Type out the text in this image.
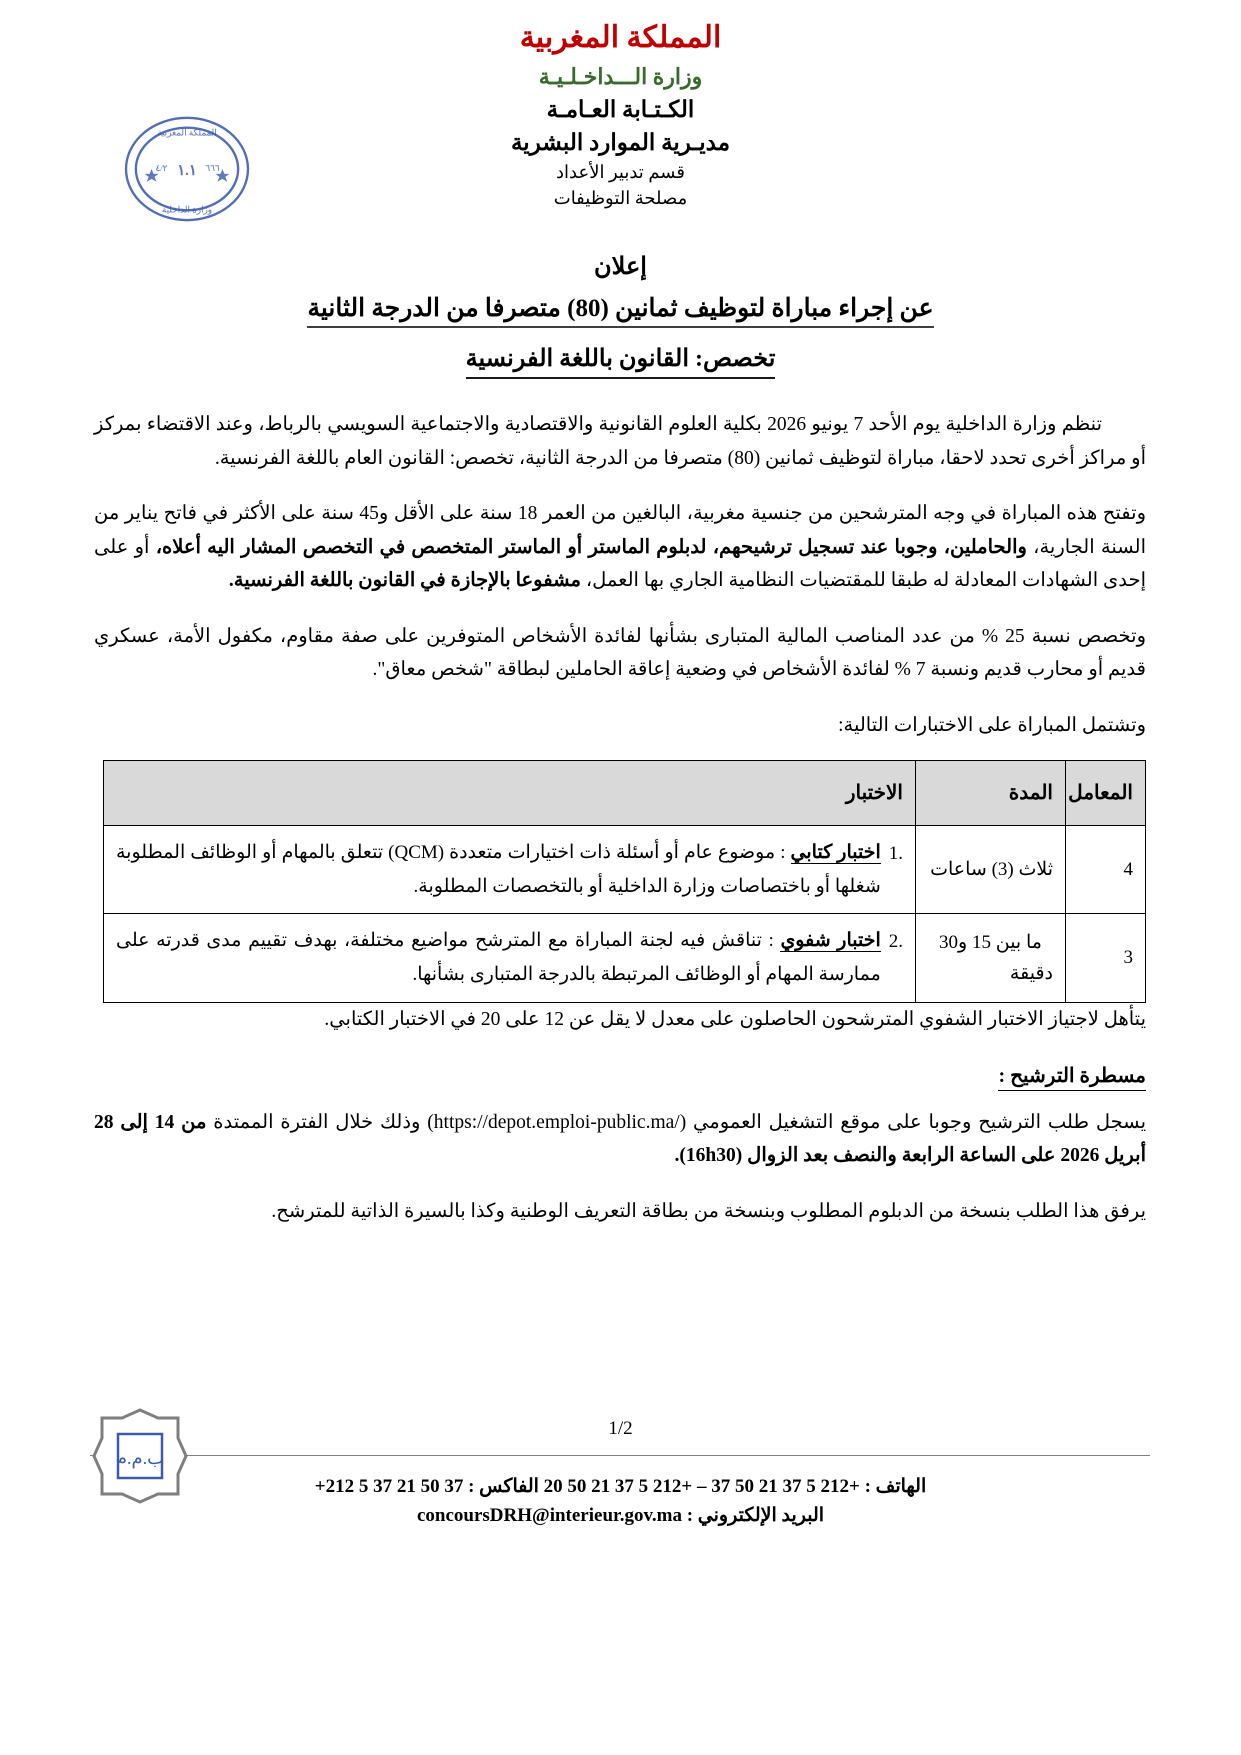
المملكة المغربية
وزارة الـــداخـلـيـة
الكـتـابة العـامـة
مديـرية الموارد البشرية
قسم تدبير الأعداد
مصلحة التوظيفات
المملكة المغربية
وزارة الداخلية
١.١
٤/٢	٦٦٦
إعلان
عن إجراء مباراة لتوظيف ثمانين (80) متصرفا من الدرجة الثانية
تخصص: القانون باللغة الفرنسية

تنظم وزارة الداخلية يوم الأحد 7 يونيو 2026 بكلية العلوم القانونية والاقتصادية والاجتماعية السويسي بالرباط، وعند الاقتضاء بمركز أو مراكز أخرى تحدد لاحقا، مباراة لتوظيف ثمانين (80) متصرفا من الدرجة الثانية، تخصص: القانون العام باللغة الفرنسية.

وتفتح هذه المباراة في وجه المترشحين من جنسية مغربية، البالغين من العمر 18 سنة على الأقل و45 سنة على الأكثر في فاتح يناير من السنة الجارية، والحاملين، وجوبا عند تسجيل ترشيحهم، لدبلوم الماستر أو الماستر المتخصص في التخصص المشار اليه أعلاه، أو على إحدى الشهادات المعادلة له طبقا للمقتضيات النظامية الجاري بها العمل، مشفوعا بالإجازة في القانون باللغة الفرنسية.

وتخصص نسبة 25 % من عدد المناصب المالية المتبارى بشأنها لفائدة الأشخاص المتوفرين على صفة مقاوم، مكفول الأمة، عسكري قديم أو محارب قديم ونسبة 7 % لفائدة الأشخاص في وضعية إعاقة الحاملين لبطاقة "شخص معاق".

وتشتمل المباراة على الاختبارات التالية:

المعامل	المدة	الاختبار
4	ثلاث (3) ساعات	.1
اختبار كتابي : موضوع عام أو أسئلة ذات اختيارات متعددة (QCM) تتعلق بالمهام أو الوظائف المطلوبة شغلها أو باختصاصات وزارة الداخلية أو بالتخصصات المطلوبة.

3	ما بين 15 و30 دقيقة	.2
اختبار شفوي : تناقش فيه لجنة المباراة مع المترشح مواضيع مختلفة، بهدف تقييم مدى قدرته على ممارسة المهام أو الوظائف المرتبطة بالدرجة المتبارى بشأنها.

يتأهل لاجتياز الاختبار الشفوي المترشحون الحاصلون على معدل لا يقل عن 12 على 20 في الاختبار الكتابي.

مسطرة الترشيح :

يسجل طلب الترشيح وجوبا على موقع التشغيل العمومي (https://depot.emploi-public.ma/) وذلك خلال الفترة الممتدة من 14 إلى 28 أبريل 2026 على الساعة الرابعة والنصف بعد الزوال (16h30).

يرفق هذا الطلب بنسخة من الدبلوم المطلوب وبنسخة من بطاقة التعريف الوطنية وكذا بالسيرة الذاتية للمترشح.

1/2
ب.م.م
الهاتف : 20 50 21 37 5 212+ – 37 50 21 37 5 212+ الفاكس : +212 5 37 21 50 37
البريد الإلكتروني : concoursDRH@interieur.gov.ma
